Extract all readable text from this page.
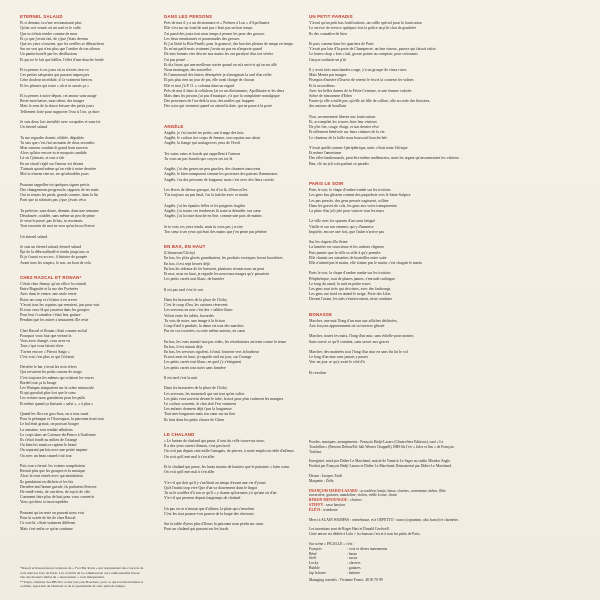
ETERNEL SALAUD

Et si demain, tu n'me reconnaissait plus

Qu'un soir venait cet un soul et le vulle

Que tu n'étais rendre comme de mon

Et ça que j'avais fait, de ç'que j'étais devenu

Que tes yeux s'ouvrent, que les oreilles se débouchent

Sur un vrai qui n'est plus que l'ombre de ton silence

Un pantin bouffé par les désillusions

Et qui ne le fait que bâiller, l'effet d'une douche froide

Et tu penses à ces jours où tu n'avais rien vu

Ces petites salopettes qui passent inaperçues

Cette douleur incrédule, il t'a vraiment bien eu

Et les phrases qui toute « ah si tu savais ça »

Et tu penses à notre départ, cet amour sans nuage

Reste mon baiser, mon odeur, des images

Mais le sens de la douce brisure des petits jours

Tellement forte pour supporter l'eau si l'air, ça dure

Je suis deux fois invisible avec scrupules et sans foi

Un éternel salaud

Tu me regardes dormir, effalée, dégoûtée

Tu sais que c'est fini un matin de deux secondes

Mon sauveur soudain le grand bain sauvera

Alors qu'hier encore tu te moquais candide

Là où l'j'aimais, et tout a fait

En un vitrail réglé sur l'amour est devant

T'aimais quand même qu'on vide à notre derrière

Moi tu n'mens rien ne, ne qu'adorables jours

Pourtant rappelles-toi quelques signes précis

Des changements progressifs, rapports de tes nuits

Oui tu restais les pieds, grands comme, dans la fin

Parti que tu n'aimais pas ç'que j'avais vécu

Tu prétexte, sans doute, demain, dans une semaine

Désabusée, roublée, sans même un peu de peine

Je serai le passé, pas là bas, tu reconnais

Tout souvenir de moi ne sera qu'un brou d'encre

Un éternel salaud

Je suis un éternel salaud, éternel salaud

Épi de la débrouillardé et tendu jusqu'aux os

Et je t'aurai vu accroc, ô histoire de poupée

Avant tous les soupirs, le son, au bout de cela

CHEZ RASCAL ET RONAN*

C'était chez Jimmy, qu'un office la connaît

Entre Bagnolet et la rue des Pyrénées

Avec dans le ventre, une seule envie

Boire un coup et s'éclater à en crever

Y'avait tous les copains qui venaient, just pour voir

Et tous ceux-là qui jouaient dans les groupes

Pour leur t'connaître c'était leur guitare

Pendant que les autres s'amusaient d'le reste

Chez Rascal et Ronan c'était comme au bal

Pourquoi vous faut que vienne la

Vous avez changé, vous avez vu

Tous c'qui vous faisait rêver

T'aviez encore « Pierrot Saïgo »

C'est vrai c'est plus ce qui l'éclatait

Derrière le bar y'avait les trois frères

Qui servaient les petits canons de rouge

C'est toujours les mêmes qui volaient les verres

Bordel tout ça la bouge

Les Wampas attaquaient sur la scène minuscule

Et qui gueulait plus fort que le sono

Les voisins nous gueulaient pour les pulls

Et même quand ça finissait « salut », « à plus »

Quand les flics en gros-bras, on a tous sauté

Pour la pétanque et l'Auvergnat, la patronne tirait tout

Le bal était gratuit, on pouvait bouger

La semaine, tout rendait nébuleux

Le corps dans un Coteaux-du-Prince à l'italienne

Ils s'était fondé au milieu de l'orange

Ou bien les musicos rapient le beauf

On repartait parfois avec une petite taupine

Ou avec un beau canard roul tout

Puis tout a fermé, les voisins rouspétaient

Restait plus que les groupes et la musique

Alors la vent entrée avec qui attendaient

Ils gueulaient en déchets et les lits

Dernière teuf bonne gueule, ils parlaient d'envers

De rendl-vents, de carrières, de top et de clés

Comment faire plus de huit pour vous convertir

Vous qui étiez si incorruptibles

Pourtant qu'on reste on pouvait nous voir

Pour la soirée de fin de chez Rascal

Ce soir-là, c'était vraiment différent

Mais c'est enfin ce qu'on continue

DANS LES PERSONS

Près de moi il y a un dictionnaire et « Poèmes à Lou » d'Apollinaire

Elle s'est sur un fond de nuit pas c'était pas un bon temps

J'ai passé des jours tout mon temps à penser les pour des grosses

Les lieux mentionnés et promenades des grosses

Et j'ai lâché la Rita Pinelli, pour le granuvé, des broches pleines de temps en temps

Ils m'ont parlé mais vraiment j'avais un pas en n'importe quand

De mes bonnes vies décrire aux mains les ont paralysé d'un ton sévère

J'ai pas pensé ...

Et dix lisses qui une meilleure soirée quand on m'a serré et qu'on est allé

Nous montagne, des nouvelles

Et l'annonceuil des lettres désespérée je n'imaginais la ond d'un reflet

El pas plus rien un jour de pis, elle avait chargé de chacun

Elle et moi j'à P. O. r, colonna dans un regard

Près de moi il dans la celluleon j'ai eu un dictionnaire, Apollinaire et les deux

Mais dans les prisons j'ai pas d'musique, y'a que la complainte nostalgique

Des personnes de l'au-delà la tour, des malles qui frappent

Des soirs qui viennent quand on attend la date, qui ne passe à la porte

ANGÈLE

Angèle, je t'ai touché tes petits, une frange des bois

Angèle, le cochon tire corps de femme, son copains aux abois

Angèle, la frange qui soulagea tes yeux de l'éveil

Tes vains vains et lourds qui rappellent à l'amour

Tu vous un pas franchi que croyez ses toi-là

Angèle, j'ai des gestes un peu gauches, des charmes innocents

Angèle, le bien transparent comme les porteuses des patrons flammeuses

Angèle, t'as des persones de longueur, mais c'est avec des lieux croisés

Les lèvres de déesse grecque, fut d'ou là, d'êtres m'les

T'as toujours un pas final, t'as la fraîche avec ce matin

Angèle, j'ai les épaules frêles et les poignets fragiles

Angèle, j'ai toutes ces tendresses là toute ta dénudée, ton cœur

Angèle, j'ai la toute douche en fine, comme une paix de matins

Je te vois, tes yeux tendu, mais tu vous pas j croire

Ton cœur à ses yeux qui était des mains que j'en peine pas pénètre

EN BAS, EN HAUT

(Chinatown/Clichy)

En bas, les p'tits glacés grandisaient, les produits exotiques feront bouclettes

En bas, il est sept heures déjà

En bas les rideaux de fer baissent, plusieurs rivants nous ne peut

Et moi, mon en haut, je regarde les nouveaux nuages qu'y passaient

Les petits carrés tout blanc, de lumière

Il est pas tard c'est le soir

Dans les brasseries de la place de Clichy

C'est le coup d'feu, les cuisines réservent

Les serveurs en noir c'est des + tablier blanc

Volent entre les tables, bavardes

Tu vois de notre, une image à la fiction

Coup d'œil à pendule, la dame est tout des marches

Pas en vos trouvées, tu cette même auteurs, en cœur

En bas, les vues munsif non pas vides, les retardataires arrivent contre la tenue

En bas, il est minuit déjà

En bas, les serveurs rigolent, à fond, fonctent vers la bonheur

Et moi mon en haut, je regarde ond est jour, sur l'orange

Les petits carrés tout blanc, en quel j'y s'éteignent

Les petits carrés tout noirs sans lumière

Il est tard c'est la nuit

Dans les brasseries de la place de Clichy

Les serveurs, les monoiselt qui ont tout qu'en valise

Les plats vont souvent devant le tube, la mot pour plus vraiment les mangers

Le cochon souvenir, le chat doit I'est vraiment

Les enfants dorment déjà t'pas la longueuse

Tout mes longueurs mais ton cœur sur un lien

Ils font dans les petits choses de Chine

LE CHALAND

« Le bateau de chaland qui passe, il tout du celle trouve un tasse,

Il a des yeux ouvert d'amuà, c'est pas bord

On voit pas depuis cent mille t'amagats, de pierres, à notre emploi au-delà d'ailleurs

On voit qu'il met mal à s'en aller

Et le chaland qui passe, les hauts marins de lauriers que le patronne « faim coeur

On voit qu'il met mal à s'en aller

Y'a-t-il qui doit qu'il y s'suffirait au temps d'avant une vie d'yeuse

Qu'à l'nuisit trop vive Que d'un va doucement dans le lingot

Tu as le souffles d'à ton ce qu'il « y chante ap'fornaies y'a qu'une où d'air

Y'a-t-il qui peuvent depuis longtemps de chaland

Un pas on ce n'ensaut que d'allures, la plate qui s'envolent

C'est les tout pousse-t-on pauvre de la loupe des chevrons

Sur la table d'yeux plus d'fleurs la patronne nom perdu sur cœur

Pour un chaland qui passent sur les bords

UN PETIT PARADIS

Y'avait qu'un petit bas fortifications, un ruffle spécial pour la fornication

Le service de service quelques fois la police un p'tit chat de gouttière

Ils des connaître de bien

Et puis comme dans les quartiers de Paris

Y'avait pas loin d'la porte de Champerret, un bon vineux, pauvre qui faisait valoir

Le lesnes chap « bon » bal, grosse potnie au comptoir, pour croissants

Garçon souhaite un p'tit

Il y avait trois mon bandes rouge, y'a un groupe de vieux roses

Mais Menez par images

Pisequin d'misère d'lisseur de retenir le feu et la contenir les valises

Et la accordéons

Avec les belles dames de la Petite Ceinture, et une femme valorée

Sobre de nincomme d'Eden

Fauter-jo elle a mille pas, qu'elle ait fille de colline, allo accorde des histoires,

des amours de bouillant

Non, un ennement liberee aux fornications

Et, accompliet les ivrures faire leur visiteux

De p'tit fier, rouge, élargi, et son dernier rêve

Et tellement bénévole sur leurs cabanes de la vie

Le chanteur de la foille nous bouscoul bouche bée

Y'avait quelle comme l'périphérique, nuits c'était toute l'afrique

Et même l'amertume

Des rôles banlieusards, peut être même malheureux, mais les argent qu'assomeraient les visiteux

Ben, clé un joli coin parlant ce paradis

PARIS LE SOIR

Paris le soir, le chape d'ombre tombe sur les trottoirs

Les gens bus glissent comme des paquebots vers le Saint-Sulpice

Les pas pressés, des gens pressés vagissent, colline

Dans les graves de cols, les gens aux voies transparentes

La pluie d'un joli jeté pour vaincre tous les murs

La ville avec les sparnes d'un cœur fatigué

Vieille et sur son ennemi, qui y d'mmnise

Inquiète, encore une fois, que l'aube n'arrive pas

Sur les clapets d'la Seine

La lumière est sourcieuse et les ombres clignent

Puis pennie que la ville sa ville à qu'y prendre

Elle chantai ses statuettes de bouteilles entre suite

Elle n'attend pas le matin, elle n'aime pas le matin, c'est chagrin le matin

Paris le soir, la chope d'ombre tombe sur les trottoirs

Périphérique, tout de phares jaunes, s'enroule curlingue

Le long du canal, la nuit en petite roues

Les gens sont tirés qui de tristes, avec des faubourgs

Les gens ont froid en attend le neige, Porte des Lilas

Devant l'usine, les tués s'entrecroisent, triste combine

BONASSE

Marcher, une nuit l'long d'un mur aux affiches déchirées,

Aux forçons apparemment où sa traverse glissée

Marcher, toutes les nuits, l'long d'un mur, sans échelle pour monter,

Sans savoir ce qu'il contient, sans savoir aux graces

Marcher, des matinées tout l'long d'un mur en sans fin lui le vol

Le long d'un mur sans jamais y passer

Voir un jour ce qu'y avait le côté d'à

Et revoilne

Paroles, musiques, arrangements : François Hadji-Lazaro (Chanceliere Editions), sauf « Le Tourbillon » (Bezoiat Delton/Ed. Salt Werner Chappell), BHS lib.I) et « Jules et Jim » de François Truffaut.

Enregistré, mixé par Didier Le Marchand, assisté de Yannick Le Sager au studio Mirador Angle. Produit par François Hadji-Lazaro et Didier Le Marchand. Remasterisé par Didier Le Marchand.

Dessin : Jacques Tardi

Maquette : Ziéla

FRANÇOIS HADJI-LAZARO : accordéon, banjo, basse, claviers, cornemuse, dobro, flûte traversière, guitares, mandoline, violon, vielle à roue, chant

BYRON MINOUNGOU : claviers

STEFFY : saxo baryton

ÉLÉVI : trombone

Merci à ACAIN WAMPAS : contrebasse, et à OEPETTO : saxos (sopranino, alto, basse) et clarinette.

Les intentions sont de Roger Hart et Donald Cordwell.

Cette œuvre est dédiée à Lulu + la chanson c'est et à tous les petits de Paris.

Sur scène « PIGALLE » c'est :

François	: voix et divers instruments
Béné	: basse
Steff	: saxos
Lucky	: claviers
Bubble	: guitares
Jap la barre	: batterie

Managing conseils : Vivianne Franci, 48 30 70 99

*Rascal et Ronan furent créateurs de « Fort Bar Rock » qui organisèrent des concerts de rock dans les bars de Paris. Les contrôls de la commissariat avec enthousiasme furent l'un des moteurs initial du « mouvement » rock indépendant.
**Trépu, chanteur des BB Doc et des Garçons Bouchers, pour ce qui bon mouvement et a emma, apportant de l'humour et de la spontanéité de cette période unique.
